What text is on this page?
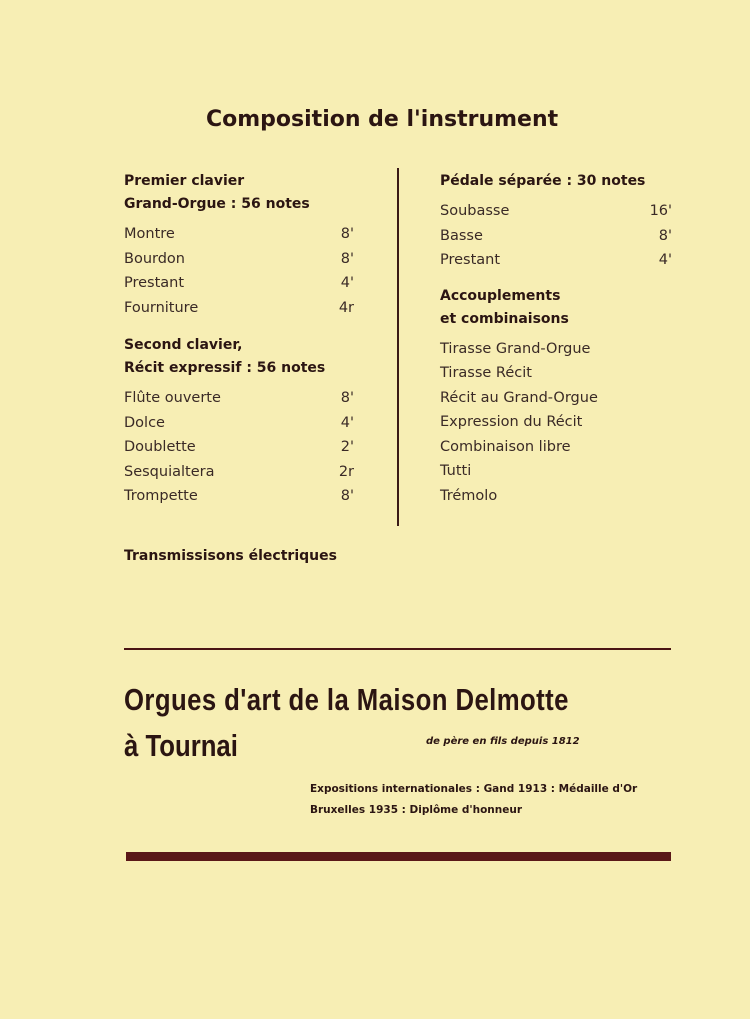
Composition de l'instrument
Premier clavier
Grand-Orgue : 56 notes
Montre	8'
Bourdon	8'
Prestant	4'
Fourniture	4r
Second clavier,
Récit expressif : 56 notes
Flûte ouverte	8'
Dolce	4'
Doublette	2'
Sesquialtera	2r
Trompette	8'
Pédale séparée : 30 notes
Soubasse	16'
Basse	8'
Prestant	4'
Accouplements
et combinaisons
Tirasse Grand-Orgue
Tirasse Récit
Récit au Grand-Orgue
Expression du Récit
Combinaison libre
Tutti
Trémolo
Transmissisons électriques
Orgues d'art de la Maison Delmotte
à Tournai	de père en fils depuis 1812
Expositions internationales : Gand 1913 : Médaille d'Or
Bruxelles 1935 : Diplôme d'honneur
